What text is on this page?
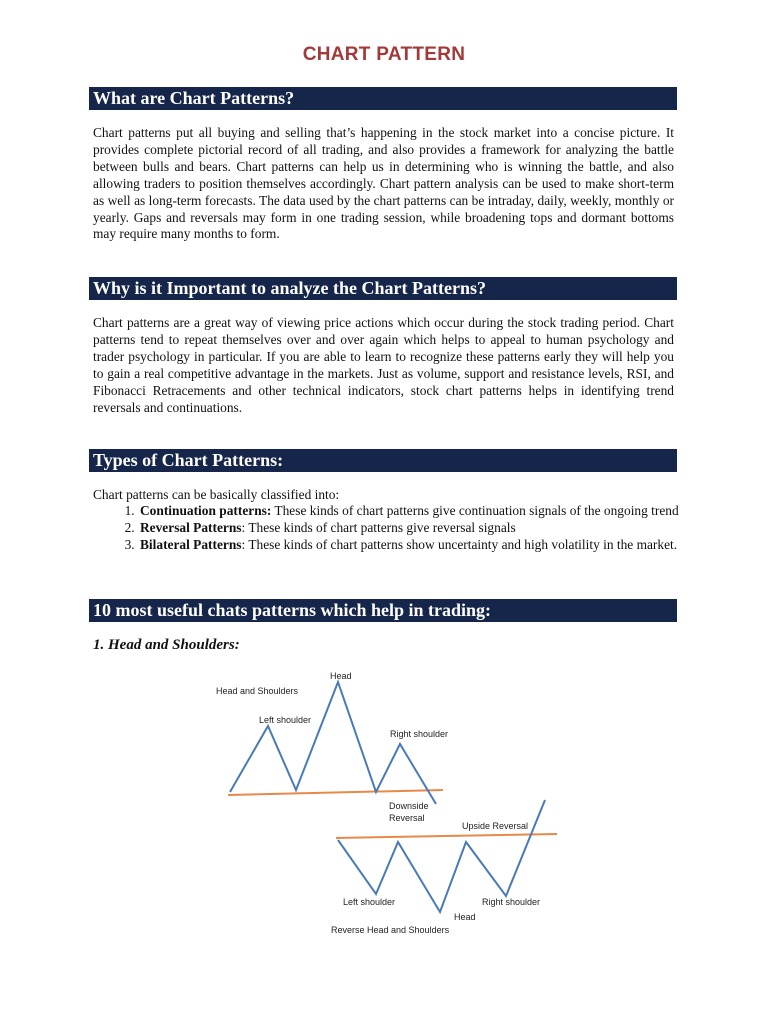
CHART PATTERN
What are Chart Patterns?
Chart patterns put all buying and selling that’s happening in the stock market into a concise picture. It provides complete pictorial record of all trading, and also provides a framework for analyzing the battle between bulls and bears. Chart patterns can help us in determining who is winning the battle, and also allowing traders to position themselves accordingly. Chart pattern analysis can be used to make short-term as well as long-term forecasts. The data used by the chart patterns can be intraday, daily, weekly, monthly or yearly. Gaps and reversals may form in one trading session, while broadening tops and dormant bottoms may require many months to form.
Why is it Important to analyze the Chart Patterns?
Chart patterns are a great way of viewing price actions which occur during the stock trading period. Chart patterns tend to repeat themselves over and over again which helps to appeal to human psychology and trader psychology in particular. If you are able to learn to recognize these patterns early they will help you to gain a real competitive advantage in the markets. Just as volume, support and resistance levels, RSI, and Fibonacci Retracements and other technical indicators, stock chart patterns helps in identifying trend reversals and continuations.
Types of Chart Patterns:
Chart patterns can be basically classified into:
1. Continuation patterns: These kinds of chart patterns give continuation signals of the ongoing trend
2. Reversal Patterns: These kinds of chart patterns give reversal signals
3. Bilateral Patterns: These kinds of chart patterns show uncertainty and high volatility in the market.
10 most useful chats patterns which help in trading:
1. Head and Shoulders:
Head
Head and Shoulders
Left shoulder
Right shoulder
Downside
Reversal
Upside Reversal
Left shoulder	Right shoulder
Head
Reverse Head and Shoulders
